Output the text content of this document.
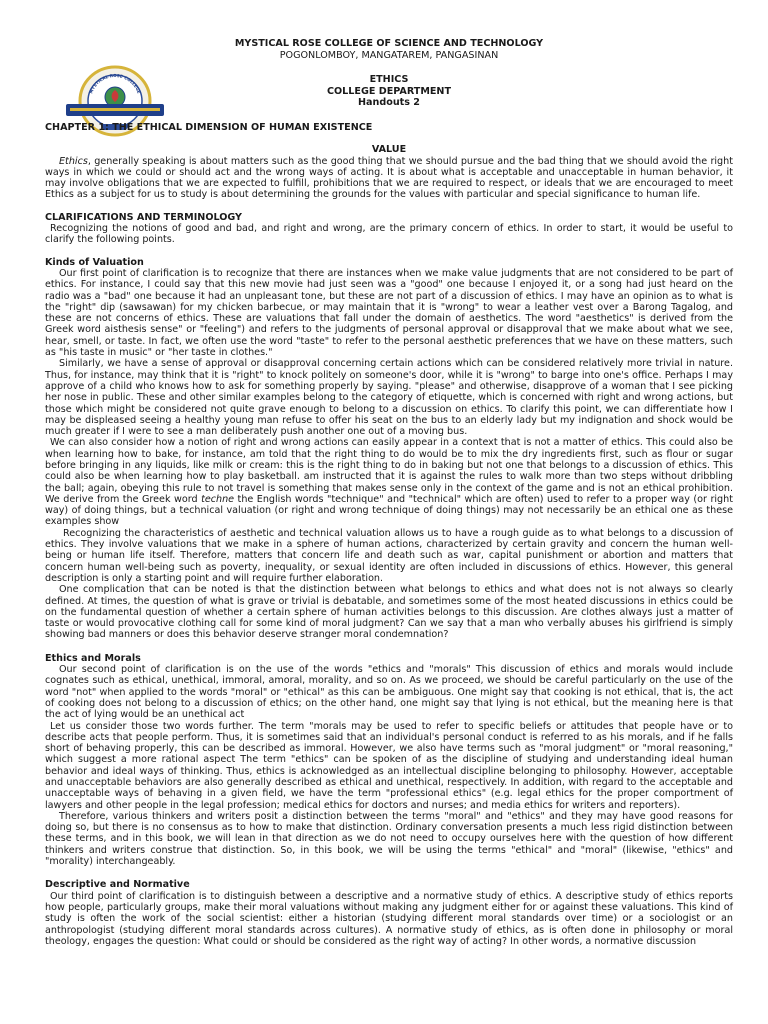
MYSTICAL ROSE COLLEGE
MYSTICAL ROSE COLLEGE OF SCIENCE AND TECHNOLOGY
POGONLOMBOY, MANGATAREM, PANGASINAN
ETHICS
COLLEGE DEPARTMENT
Handouts 2
CHAPTER 1: THE ETHICAL DIMENSION OF HUMAN EXISTENCE
VALUE

Ethics, generally speaking is about matters such as the good thing that we should pursue and the bad thing that we should avoid the right ways in which we could or should act and the wrong ways of acting. It is about what is acceptable and unacceptable in human behavior, it may involve obligations that we are expected to fulfill, prohibitions that we are required to respect, or ideals that we are encouraged to meet Ethics as a subject for us to study is about determining the grounds for the values with particular and special significance to human life.

CLARIFICATIONS AND TERMINOLOGY

Recognizing the notions of good and bad, and right and wrong, are the primary concern of ethics. In order to start, it would be useful to clarify the following points.

Kinds of Valuation

Our first point of clarification is to recognize that there are instances when we make value judgments that are not considered to be part of ethics. For instance, I could say that this new movie had just seen was a "good" one because I enjoyed it, or a song had just heard on the radio was a "bad" one because it had an unpleasant tone, but these are not part of a discussion of ethics. I may have an opinion as to what is the "right" dip (sawsawan) for my chicken barbecue, or may maintain that it is "wrong" to wear a leather vest over a Barong Tagalog, and these are not concerns of ethics. These are valuations that fall under the domain of aesthetics. The word "aesthetics" is derived from the Greek word aisthesis sense" or "feeling") and refers to the judgments of personal approval or disapproval that we make about what we see, hear, smell, or taste. In fact, we often use the word "taste" to refer to the personal aesthetic preferences that we have on these matters, such as "his taste in music" or "her taste in clothes."

Similarly, we have a sense of approval or disapproval concerning certain actions which can be considered relatively more trivial in nature. Thus, for instance, may think that it is "right" to knock politely on someone's door, while it is "wrong" to barge into one's office. Perhaps I may approve of a child who knows how to ask for something properly by saying. "please" and otherwise, disapprove of a woman that I see picking her nose in public. These and other similar examples belong to the category of etiquette, which is concerned with right and wrong actions, but those which might be considered not quite grave enough to belong to a discussion on ethics. To clarify this point, we can differentiate how I may be displeased seeing a healthy young man refuse to offer his seat on the bus to an elderly lady but my indignation and shock would be much greater if I were to see a man deliberately push another one out of a moving bus.

We can also consider how a notion of right and wrong actions can easily appear in a context that is not a matter of ethics. This could also be when learning how to bake, for instance, am told that the right thing to do would be to mix the dry ingredients first, such as flour or sugar before bringing in any liquids, like milk or cream: this is the right thing to do in baking but not one that belongs to a discussion of ethics. This could also be when learning how to play basketball. am instructed that it is against the rules to walk more than two steps without dribbling the ball; again, obeying this rule to not travel is something that makes sense only in the context of the game and is not an ethical prohibition. We derive from the Greek word techne the English words "technique" and "technical" which are often) used to refer to a proper way (or right way) of doing things, but a technical valuation (or right and wrong technique of doing things) may not necessarily be an ethical one as these examples show

Recognizing the characteristics of aesthetic and technical valuation allows us to have a rough guide as to what belongs to a discussion of ethics. They involve valuations that we make in a sphere of human actions, characterized by certain gravity and concern the human well-being or human life itself. Therefore, matters that concern life and death such as war, capital punishment or abortion and matters that concern human well-being such as poverty, inequality, or sexual identity are often included in discussions of ethics. However, this general description is only a starting point and will require further elaboration.

One complication that can be noted is that the distinction between what belongs to ethics and what does not is not always so clearly defined. At times, the question of what is grave or trivial is debatable, and sometimes some of the most heated discussions in ethics could be on the fundamental question of whether a certain sphere of human activities belongs to this discussion. Are clothes always just a matter of taste or would provocative clothing call for some kind of moral judgment? Can we say that a man who verbally abuses his girlfriend is simply showing bad manners or does this behavior deserve stranger moral condemnation?

Ethics and Morals

Our second point of clarification is on the use of the words "ethics and "morals" This discussion of ethics and morals would include cognates such as ethical, unethical, immoral, amoral, morality, and so on. As we proceed, we should be careful particularly on the use of the word "not" when applied to the words "moral" or "ethical" as this can be ambiguous. One might say that cooking is not ethical, that is, the act of cooking does not belong to a discussion of ethics; on the other hand, one might say that lying is not ethical, but the meaning here is that the act of lying would be an unethical act

Let us consider those two words further. The term "morals may be used to refer to specific beliefs or attitudes that people have or to describe acts that people perform. Thus, it is sometimes said that an individual's personal conduct is referred to as his morals, and if he falls short of behaving properly, this can be described as immoral. However, we also have terms such as "moral judgment" or "moral reasoning," which suggest a more rational aspect The term "ethics" can be spoken of as the discipline of studying and understanding ideal human behavior and ideal ways of thinking. Thus, ethics is acknowledged as an intellectual discipline belonging to philosophy. However, acceptable and unacceptable behaviors are also generally described as ethical and unethical, respectively. In addition, with regard to the acceptable and unacceptable ways of behaving in a given field, we have the term "professional ethics" (e.g. legal ethics for the proper comportment of lawyers and other people in the legal profession; medical ethics for doctors and nurses; and media ethics for writers and reporters).

Therefore, various thinkers and writers posit a distinction between the terms "moral" and "ethics" and they may have good reasons for doing so, but there is no consensus as to how to make that distinction. Ordinary conversation presents a much less rigid distinction between these terms, and in this book, we will lean in that direction as we do not need to occupy ourselves here with the question of how different thinkers and writers construe that distinction. So, in this book, we will be using the terms "ethical" and "moral" (likewise, "ethics" and "morality) interchangeably.

Descriptive and Normative

Our third point of clarification is to distinguish between a descriptive and a normative study of ethics. A descriptive study of ethics reports how people, particularly groups, make their moral valuations without making any judgment either for or against these valuations. This kind of study is often the work of the social scientist: either a historian (studying different moral standards over time) or a sociologist or an anthropologist (studying different moral standards across cultures). A normative study of ethics, as is often done in philosophy or moral theology, engages the question: What could or should be considered as the right way of acting? In other words, a normative discussion
